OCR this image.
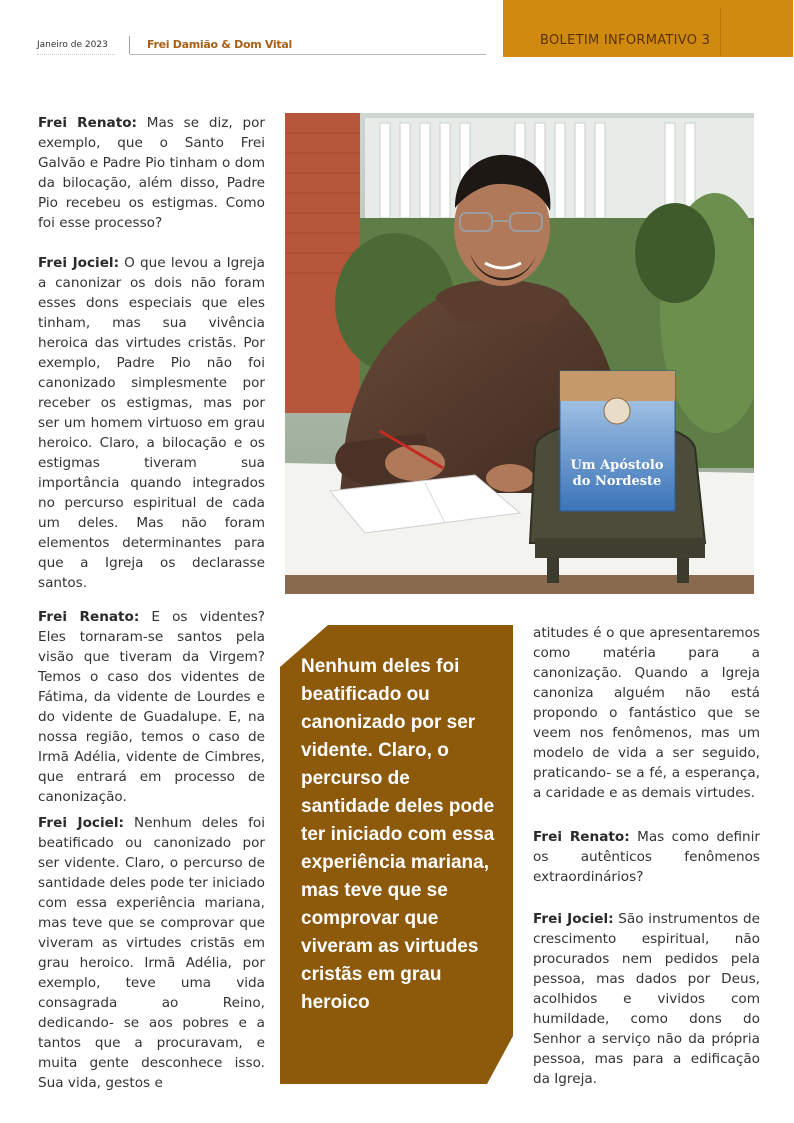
Janeiro de 2023	Frei Damião & Dom Vital	BOLETIM INFORMATIVO 3

Frei Renato: Mas se diz, por exemplo, que o Santo Frei Galvão e Padre Pio tinham o dom da bilocação, além disso, Padre Pio recebeu os estigmas. Como foi esse processo?

Frei Jociel: O que levou a Igreja a canonizar os dois não foram esses dons especiais que eles tinham, mas sua vivência heroica das virtudes cristãs. Por exemplo, Padre Pio não foi canonizado simplesmente por receber os estigmas, mas por ser um homem virtuoso em grau heroico. Claro, a bilocação e os estigmas tiveram sua importância quando integrados no percurso espiritual de cada um deles. Mas não foram elementos determinantes para que a Igreja os declarasse santos.

Frei Renato: E os videntes? Eles tornaram-se santos pela visão que tiveram da Virgem? Temos o caso dos videntes de Fátima, da vidente de Lourdes e do vidente de Guadalupe. E, na nossa região, temos o caso de Irmã Adélia, vidente de Cimbres, que entrará em processo de canonização.

Frei Jociel: Nenhum deles foi beatificado ou canonizado por ser vidente. Claro, o percurso de santidade deles pode ter iniciado com essa experiência mariana, mas teve que se comprovar que viveram as virtudes cristãs em grau heroico. Irmã Adélia, por exemplo, teve uma vida consagrada ao Reino, dedicando- se aos pobres e a tantos que a procuravam, e muita gente desconhece isso. Sua vida, gestos e

Um Apóstolo
do Nordeste
Nenhum deles foi beatificado ou canonizado por ser vidente. Claro, o percurso de santidade deles pode ter iniciado com essa experiência mariana, mas teve que se comprovar que viveram as virtudes cristãs em grau heroico

atitudes é o que apresentaremos como matéria para a canonização. Quando a Igreja canoniza alguém não está propondo o fantástico que se veem nos fenômenos, mas um modelo de vida a ser seguido, praticando- se a fé, a esperança, a caridade e as demais virtudes.

Frei Renato: Mas como definir os autênticos fenômenos extraordinários?

Frei Jociel: São instrumentos de crescimento espiritual, não procurados nem pedidos pela pessoa, mas dados por Deus, acolhidos e vividos com humildade, como dons do Senhor a serviço não da própria pessoa, mas para a edificação da Igreja.
